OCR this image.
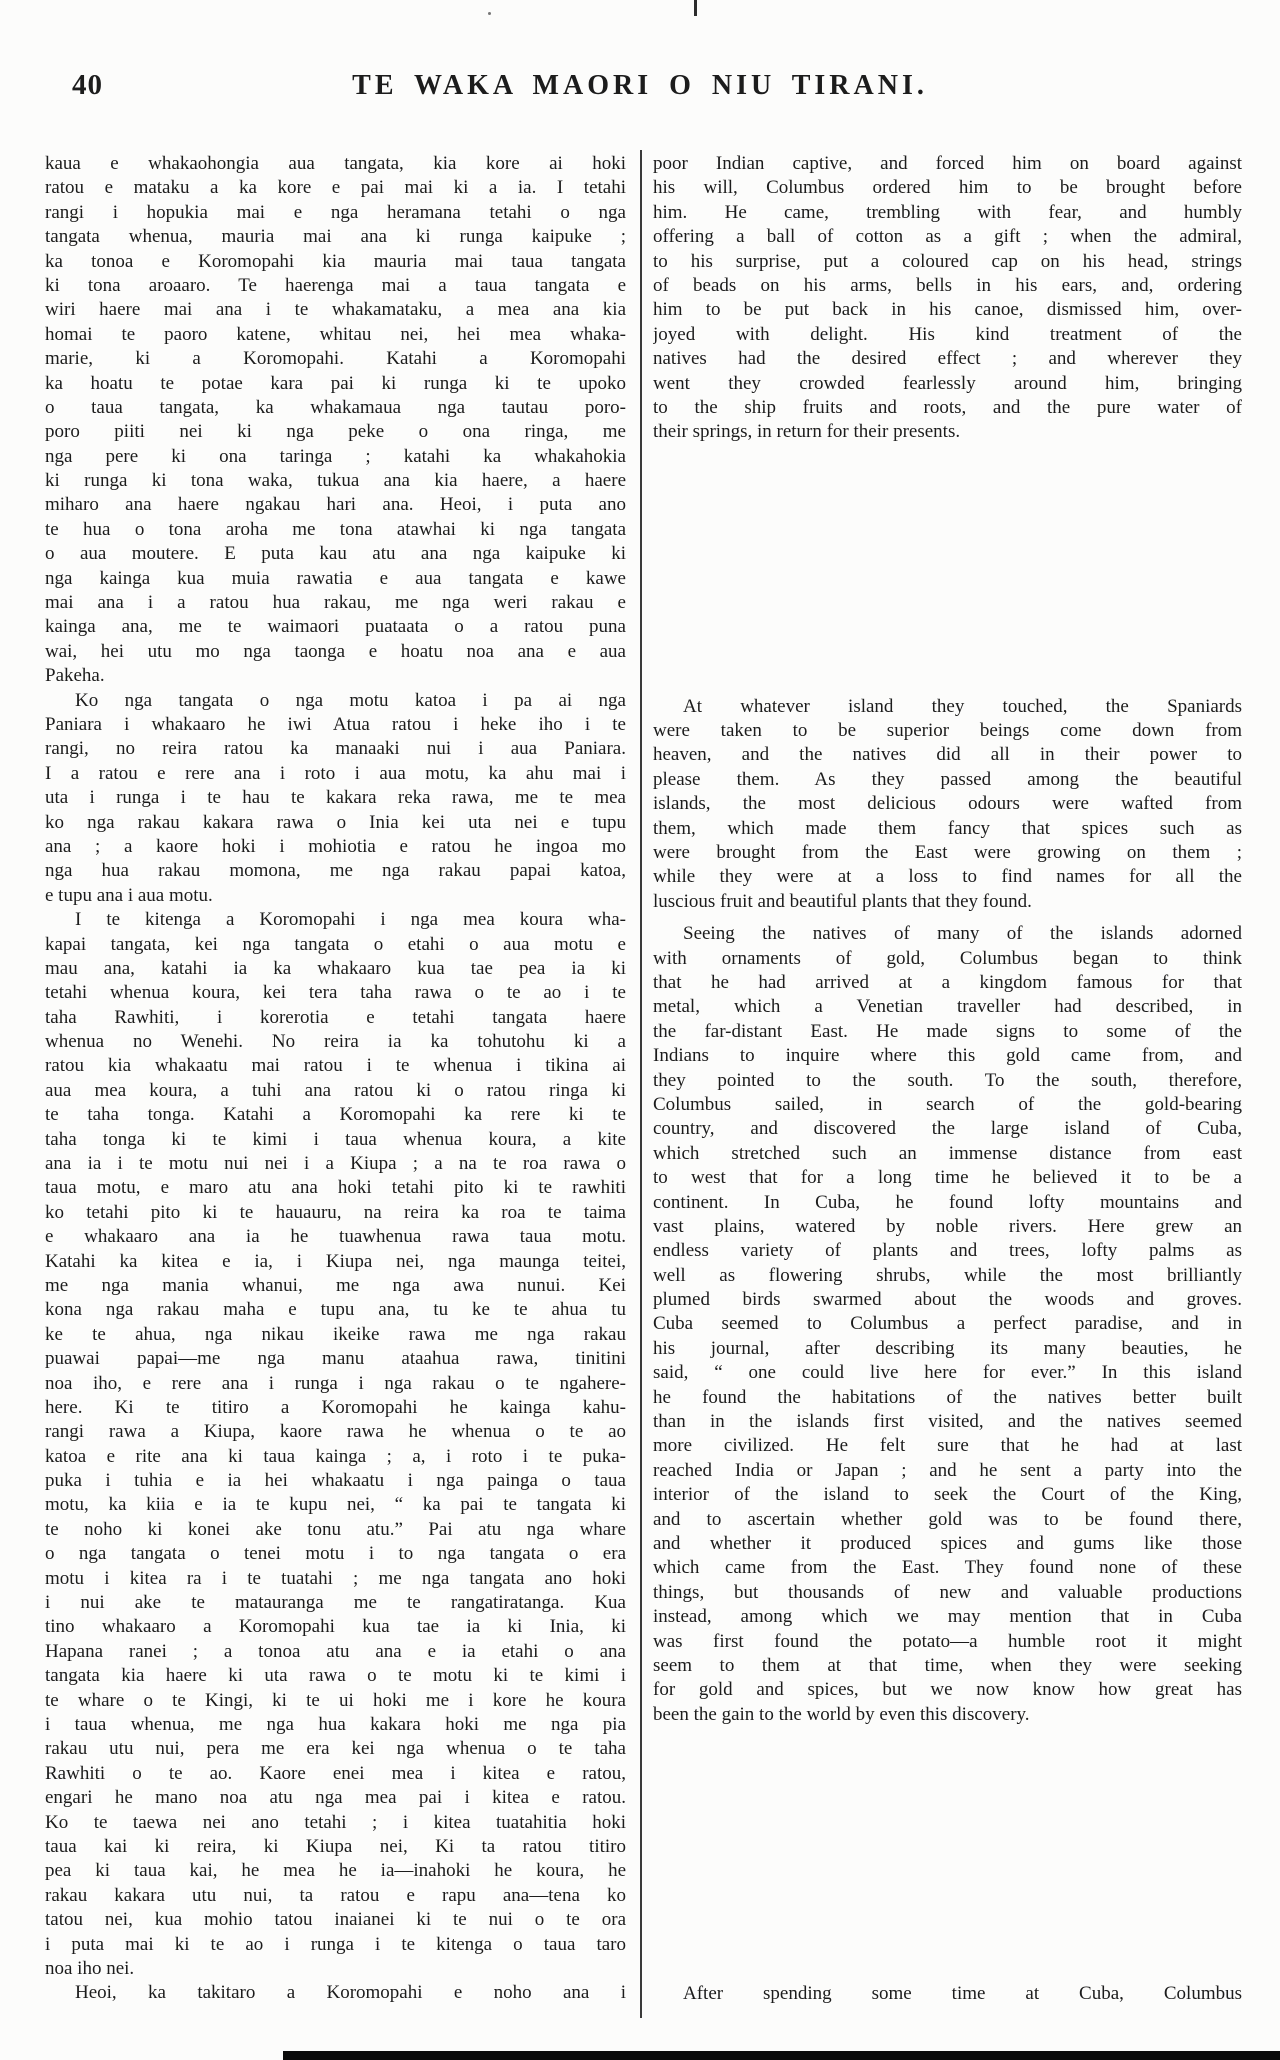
40	TE WAKA MAORI O NIU TIRANI.
kaua e whakaohongia aua tangata, kia kore ai hoki
ratou e mataku a ka kore e pai mai ki a ia. I tetahi
rangi i hopukia mai e nga heramana tetahi o nga
tangata whenua, mauria mai ana ki runga kaipuke ;
ka tonoa e Koromopahi kia mauria mai taua tangata
ki tona aroaaro. Te haerenga mai a taua tangata e
wiri haere mai ana i te whakamataku, a mea ana kia
homai te paoro katene, whitau nei, hei mea whaka-
marie, ki a Koromopahi. Katahi a Koromopahi
ka hoatu te potae kara pai ki runga ki te upoko
o taua tangata, ka whakamaua nga tautau poro-
poro piiti nei ki nga peke o ona ringa, me
nga pere ki ona taringa ; katahi ka whakahokia
ki runga ki tona waka, tukua ana kia haere, a haere
miharo ana haere ngakau hari ana. Heoi, i puta ano
te hua o tona aroha me tona atawhai ki nga tangata
o aua moutere. E puta kau atu ana nga kaipuke ki
nga kainga kua muia rawatia e aua tangata e kawe
mai ana i a ratou hua rakau, me nga weri rakau e
kainga ana, me te waimaori puataata o a ratou puna
wai, hei utu mo nga taonga e hoatu noa ana e aua
Pakeha.
Ko nga tangata o nga motu katoa i pa ai nga
Paniara i whakaaro he iwi Atua ratou i heke iho i te
rangi, no reira ratou ka manaaki nui i aua Paniara.
I a ratou e rere ana i roto i aua motu, ka ahu mai i
uta i runga i te hau te kakara reka rawa, me te mea
ko nga rakau kakara rawa o Inia kei uta nei e tupu
ana ; a kaore hoki i mohiotia e ratou he ingoa mo
nga hua rakau momona, me nga rakau papai katoa,
e tupu ana i aua motu.
I te kitenga a Koromopahi i nga mea koura wha-
kapai tangata, kei nga tangata o etahi o aua motu e
mau ana, katahi ia ka whakaaro kua tae pea ia ki
tetahi whenua koura, kei tera taha rawa o te ao i te
taha Rawhiti, i korerotia e tetahi tangata haere
whenua no Wenehi. No reira ia ka tohutohu ki a
ratou kia whakaatu mai ratou i te whenua i tikina ai
aua mea koura, a tuhi ana ratou ki o ratou ringa ki
te taha tonga. Katahi a Koromopahi ka rere ki te
taha tonga ki te kimi i taua whenua koura, a kite
ana ia i te motu nui nei i a Kiupa ; a na te roa rawa o
taua motu, e maro atu ana hoki tetahi pito ki te rawhiti
ko tetahi pito ki te hauauru, na reira ka roa te taima
e whakaaro ana ia he tuawhenua rawa taua motu.
Katahi ka kitea e ia, i Kiupa nei, nga maunga teitei,
me nga mania whanui, me nga awa nunui. Kei
kona nga rakau maha e tupu ana, tu ke te ahua tu
ke te ahua, nga nikau ikeike rawa me nga rakau
puawai papai—me nga manu ataahua rawa, tinitini
noa iho, e rere ana i runga i nga rakau o te ngahere-
here. Ki te titiro a Koromopahi he kainga kahu-
rangi rawa a Kiupa, kaore rawa he whenua o te ao
katoa e rite ana ki taua kainga ; a, i roto i te puka-
puka i tuhia e ia hei whakaatu i nga painga o taua
motu, ka kiia e ia te kupu nei, “ ka pai te tangata ki
te noho ki konei ake tonu atu.” Pai atu nga whare
o nga tangata o tenei motu i to nga tangata o era
motu i kitea ra i te tuatahi ; me nga tangata ano hoki
i nui ake te matauranga me te rangatiratanga. Kua
tino whakaaro a Koromopahi kua tae ia ki Inia, ki
Hapana ranei ; a tonoa atu ana e ia etahi o ana
tangata kia haere ki uta rawa o te motu ki te kimi i
te whare o te Kingi, ki te ui hoki me i kore he koura
i taua whenua, me nga hua kakara hoki me nga pia
rakau utu nui, pera me era kei nga whenua o te taha
Rawhiti o te ao. Kaore enei mea i kitea e ratou,
engari he mano noa atu nga mea pai i kitea e ratou.
Ko te taewa nei ano tetahi ; i kitea tuatahitia hoki
taua kai ki reira, ki Kiupa nei, Ki ta ratou titiro
pea ki taua kai, he mea he ia—inahoki he koura, he
rakau kakara utu nui, ta ratou e rapu ana—tena ko
tatou nei, kua mohio tatou inaianei ki te nui o te ora
i puta mai ki te ao i runga i te kitenga o taua taro
noa iho nei.
Heoi, ka takitaro a Koromopahi e noho ana i
poor Indian captive, and forced him on board against
his will, Columbus ordered him to be brought before
him. He came, trembling with fear, and humbly
offering a ball of cotton as a gift ; when the admiral,
to his surprise, put a coloured cap on his head, strings
of beads on his arms, bells in his ears, and, ordering
him to be put back in his canoe, dismissed him, over-
joyed with delight. His kind treatment of the
natives had the desired effect ; and wherever they
went they crowded fearlessly around him, bringing
to the ship fruits and roots, and the pure water of
their springs, in return for their presents.
At whatever island they touched, the Spaniards
were taken to be superior beings come down from
heaven, and the natives did all in their power to
please them. As they passed among the beautiful
islands, the most delicious odours were wafted from
them, which made them fancy that spices such as
were brought from the East were growing on them ;
while they were at a loss to find names for all the
luscious fruit and beautiful plants that they found.
Seeing the natives of many of the islands adorned
with ornaments of gold, Columbus began to think
that he had arrived at a kingdom famous for that
metal, which a Venetian traveller had described, in
the far-distant East. He made signs to some of the
Indians to inquire where this gold came from, and
they pointed to the south. To the south, therefore,
Columbus sailed, in search of the gold-bearing
country, and discovered the large island of Cuba,
which stretched such an immense distance from east
to west that for a long time he believed it to be a
continent. In Cuba, he found lofty mountains and
vast plains, watered by noble rivers. Here grew an
endless variety of plants and trees, lofty palms as
well as flowering shrubs, while the most brilliantly
plumed birds swarmed about the woods and groves.
Cuba seemed to Columbus a perfect paradise, and in
his journal, after describing its many beauties, he
said, “ one could live here for ever.” In this island
he found the habitations of the natives better built
than in the islands first visited, and the natives seemed
more civilized. He felt sure that he had at last
reached India or Japan ; and he sent a party into the
interior of the island to seek the Court of the King,
and to ascertain whether gold was to be found there,
and whether it produced spices and gums like those
which came from the East. They found none of these
things, but thousands of new and valuable productions
instead, among which we may mention that in Cuba
was first found the potato—a humble root it might
seem to them at that time, when they were seeking
for gold and spices, but we now know how great has
been the gain to the world by even this discovery.
After spending some time at Cuba, Columbus
